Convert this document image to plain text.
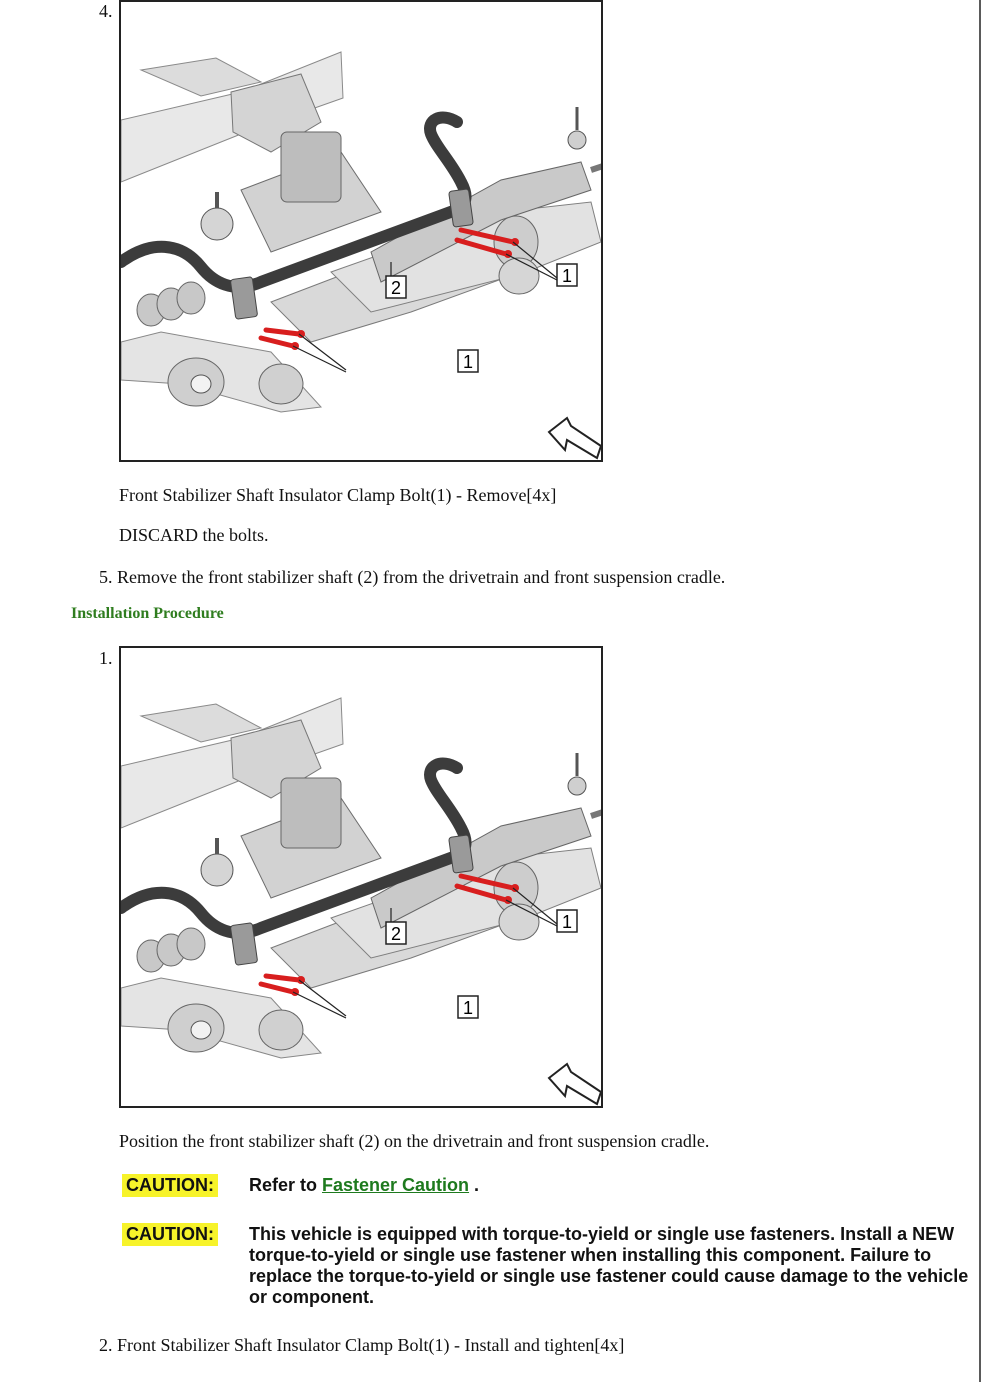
4.
1
2
1
Front Stabilizer Shaft Insulator Clamp Bolt(1) - Remove[4x]
DISCARD the bolts.
5. Remove the front stabilizer shaft (2) from the drivetrain and front suspension cradle.
Installation Procedure
1.
1
2
1
Position the front stabilizer shaft (2) on the drivetrain and front suspension cradle.
CAUTION: Refer to Fastener Caution .
CAUTION: This vehicle is equipped with torque-to-yield or single use fasteners. Install a NEW torque-to-yield or single use fastener when installing this component. Failure to replace the torque-to-yield or single use fastener could cause damage to the vehicle or component.
2. Front Stabilizer Shaft Insulator Clamp Bolt(1) - Install and tighten[4x]
